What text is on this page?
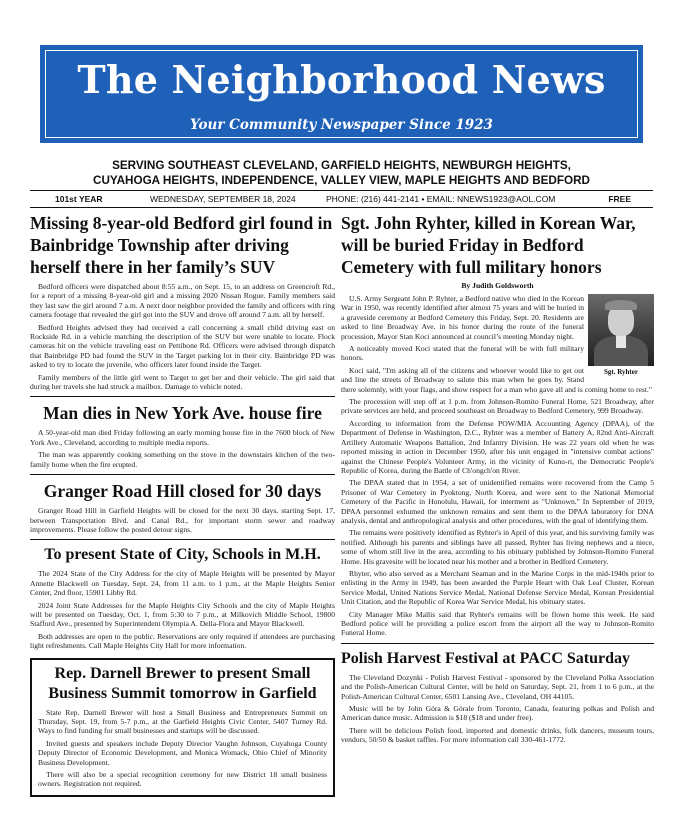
The Neighborhood News
Your Community Newspaper Since 1923
SERVING SOUTHEAST CLEVELAND, GARFIELD HEIGHTS, NEWBURGH HEIGHTS,
CUYAHOGA HEIGHTS, INDEPENDENCE, VALLEY VIEW, MAPLE HEIGHTS AND BEDFORD
101st YEAR	WEDNESDAY, SEPTEMBER 18, 2024	PHONE: (216) 441-2141 • EMAIL: NNEWS1923@AOL.COM	FREE
Missing 8-year-old Bedford girl found in Bainbridge Township after driving herself there in her family’s SUV

Bedford officers were dispatched about 8:55 a.m., on Sept. 15, to an address on Greencroft Rd., for a report of a missing 8-year-old girl and a missing 2020 Nissan Rogue. Family members said they last saw the girl around 7 a.m. A next door neighbor provided the family and officers with ring camera footage that revealed the girl got into the SUV and drove off around 7 a.m. all by herself.

Bedford Heights advised they had received a call concerning a small child driving east on Rockside Rd. in a vehicle matching the description of the SUV but were unable to locate. Flock cameras hit on the vehicle traveling east on Pettibone Rd. Officers were advised through dispatch that Bainbridge PD had found the SUV in the Target parking lot in their city. Bainbridge PD was asked to try to locate the juvenile, who officers later found inside the Target.

Family members of the little girl went to Target to get her and their vehicle. The girl said that during her travels she had struck a mailbox. Damage to vehicle noted.

Man dies in New York Ave. house fire

A 50-year-old man died Friday following an early morning house fire in the 7600 block of New York Ave., Cleveland, according to multiple media reports.

The man was apparently cooking something on the stove in the downstairs kitchen of the two-family home when the fire erupted.

Granger Road Hill closed for 30 days

Granger Road Hill in Garfield Heights will be closed for the next 30 days, starting Sept. 17, between Transportation Blvd. and Canal Rd., for important storm sewer and roadway improvements. Please follow the posted detour signs.

To present State of City, Schools in M.H.

The 2024 State of the City Address for the city of Maple Heights will be presented by Mayor Annette Blackwell on Tuesday, Sept. 24, from 11 a.m. to 1 p.m., at the Maple Heights Senior Center, 2nd floor, 15901 Libby Rd.

2024 Joint State Addresses for the Maple Heights City Schools and the city of Maple Heights will be presented on Tuesday, Oct. 1, from 5:30 to 7 p.m., at Milkovich Middle School, 19800 Stafford Ave., presented by Superintendent Olympia A. Della-Flora and Mayor Blackwell.

Both addresses are open to the public. Reservations are only required if attendees are purchasing light refreshments. Call Maple Heights City Hall for more information.

Rep. Darnell Brewer to present Small Business Summit tomorrow in Garfield

State Rep. Darnell Brewer will host a Small Business and Entrepreneurs Summit on Thursday, Sept. 19, from 5-7 p.m., at the Garfield Heights Civic Center, 5407 Turney Rd. Ways to find funding for small businesses and startups will be discussed.

Invited guests and speakers include Deputy Director Vaughn Johnson, Cuyahoga County Deputy Director of Economic Development, and Monica Womack, Ohio Chief of Minority Business Development.

There will also be a special recognition ceremony for new District 18 small business owners. Registration not required.

Sgt. John Ryhter, killed in Korean War, will be buried Friday in Bedford Cemetery with full military honors
By Judith Goldsworth
Sgt. Ryhter

U.S. Army Sergeant John P. Ryhter, a Bedford native who died in the Korean War in 1950, was recently identified after almost 75 years and will be buried in a graveside ceremony at Bedford Cemetery this Friday, Sept. 20. Residents are asked to line Broadway Ave. in his honor during the route of the funeral procession, Mayor Stan Koci announced at council’s meeting Monday night.

A noticeably moved Koci stated that the funeral will be with full military honors.

Koci said, "I'm asking all of the citizens and whoever would like to get out and line the streets of Broadway to salute this man when he goes by. Stand there solemnly, with your flags, and show respect for a man who gave all and is coming home to rest."

The procession will step off at 1 p.m. from Johnson-Romito Funeral Home, 521 Broadway, after private services are held, and proceed southeast on Broadway to Bedford Cemetery, 999 Broadway.

According to information from the Defense POW/MIA Accounting Agency (DPAA), of the Department of Defense in Washington, D.C., Ryhter was a member of Battery A, 82nd Anti-Aircraft Artillery Automatic Weapons Battalion, 2nd Infantry Division. He was 22 years old when he was reported missing in action in December 1950, after his unit engaged in "intensive combat actions" against the Chinese People's Volunteer Army, in the vicinity of Kunu-ri, the Democratic People's Republic of Korea, during the Battle of Ch'ongch'on River.

The DPAA stated that in 1954, a set of unidentified remains were recovered from the Camp 5 Prisoner of War Cemetery in Pyoktong, North Korea, and were sent to the National Memorial Cemetery of the Pacific in Honolulu, Hawaii, for interment as "Unknown." In September of 2019, DPAA personnel exhumed the unknown remains and sent them to the DPAA laboratory for DNA analysis, dental and anthropological analysis and other procedures, with the goal of identifying them.

The remains were positively identified as Ryhter's in April of this year, and his surviving family was notified. Although his parents and siblings have all passed, Ryhter has living nephews and a niece, some of whom still live in the area, according to his obituary published by Johnson-Romito Funeral Home. His gravesite will be located near his mother and a brother in Bedford Cemetery.

Rhyter, who also served as a Merchant Seaman and in the Marine Corps in the mid-1940s prior to enlisting in the Army in 1949, has been awarded the Purple Heart with Oak Leaf Cluster, Korean Service Medal, United Nations Service Medal, National Defense Service Medal, Korean Presidential Unit Citation, and the Republic of Korea War Service Medal, his obituary states.

City Manager Mike Mallis said that Ryhter's remains will be flown home this week. He said Bedford police will be providing a police escort from the airport all the way to Johnson-Romito Funeral Home.

Polish Harvest Festival at PACC Saturday

The Cleveland Dozynki - Polish Harvest Festival - sponsored by the Cleveland Polka Association and the Polish-American Cultural Center, will be held on Saturday, Sept. 21, from 1 to 6 p.m., at the Polish-American Cultural Center, 6501 Lansing Ave., Cleveland, OH 44105.

Music will be by John Góra & Górale from Toronto, Canada, featuring polkas and Polish and American dance music. Admission is $18 ($18 and under free).

There will be delicious Polish food, imported and domestic drinks, folk dancers, museum tours, vendors, 50/50 & basket raffles. For more information call 330-461-1772.
